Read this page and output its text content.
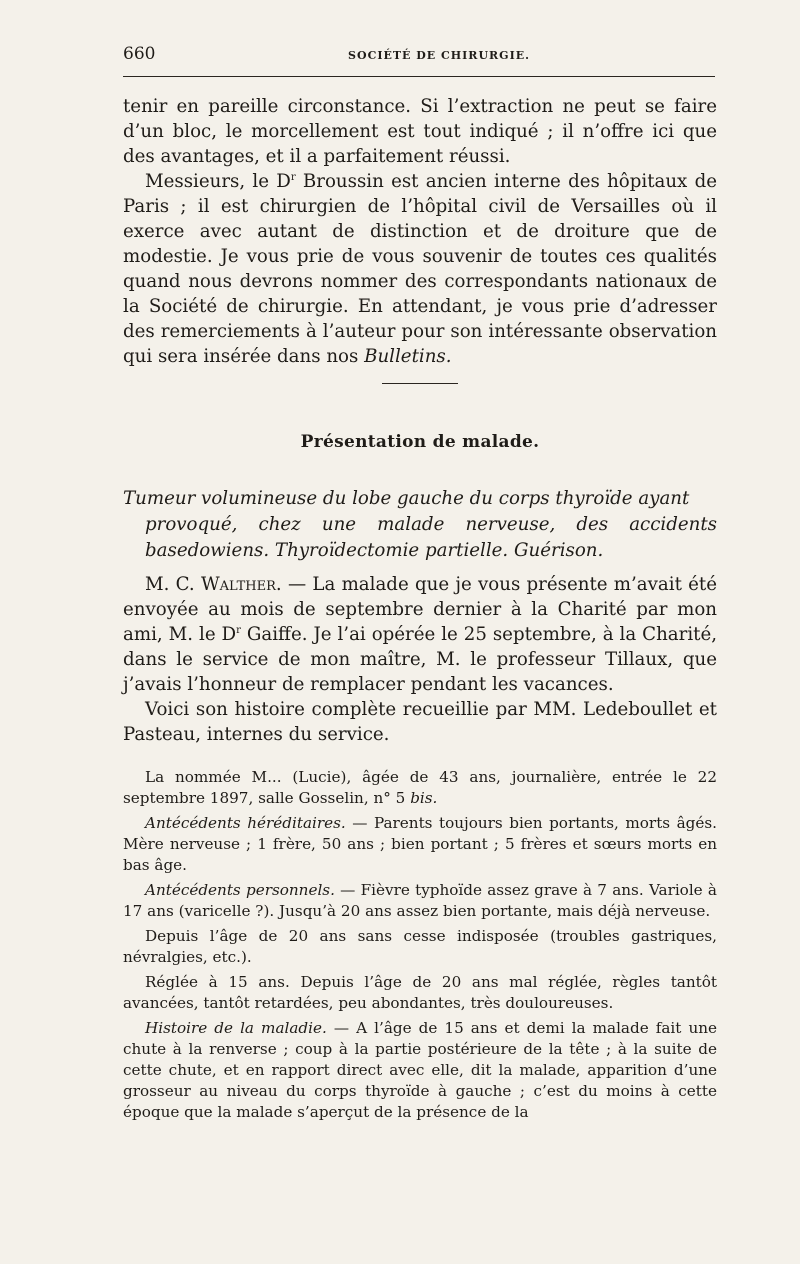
660	SOCIÉTÉ DE CHIRURGIE.

tenir en pareille circonstance. Si l’extraction ne peut se faire d’un bloc, le morcellement est tout indiqué ; il n’offre ici que des avantages, et il a parfaitement réussi.

Messieurs, le $D^r$ Broussin est ancien interne des hôpitaux de Paris ; il est chirurgien de l’hôpital civil de Versailles où il exerce avec autant de distinction et de droiture que de modestie. Je vous prie de vous souvenir de toutes ces qualités quand nous devrons nommer des correspondants nationaux de la Société de chirurgie. En attendant, je vous prie d’adresser des remerciements à l’auteur pour son intéressante observation qui sera insérée dans nos Bulletins.

Présentation de malade.
Tumeur volumineuse du lobe gauche du corps thyroïde ayant
provoqué, chez une malade nerveuse, des accidents basedowiens. Thyroïdectomie partielle. Guérison.

M. C. Walther. — La malade que je vous présente m’avait été envoyée au mois de septembre dernier à la Charité par mon ami, M. le $D^r$ Gaiffe. Je l’ai opérée le 25 septembre, à la Charité, dans le service de mon maître, M. le professeur Tillaux, que j’avais l’honneur de remplacer pendant les vacances.

Voici son histoire complète recueillie par MM. Ledeboullet et Pasteau, internes du service.

La nommée M... (Lucie), âgée de 43 ans, journalière, entrée le 22 septembre 1897, salle Gosselin, n° 5 bis.

Antécédents héréditaires. — Parents toujours bien portants, morts âgés. Mère nerveuse ; 1 frère, 50 ans ; bien portant ; 5 frères et sœurs morts en bas âge.

Antécédents personnels. — Fièvre typhoïde assez grave à 7 ans. Variole à 17 ans (varicelle ?). Jusqu’à 20 ans assez bien portante, mais déjà nerveuse.

Depuis l’âge de 20 ans sans cesse indisposée (troubles gastriques, névralgies, etc.).

Réglée à 15 ans. Depuis l’âge de 20 ans mal réglée, règles tantôt avancées, tantôt retardées, peu abondantes, très douloureuses.

Histoire de la maladie. — A l’âge de 15 ans et demi la malade fait une chute à la renverse ; coup à la partie postérieure de la tête ; à la suite de cette chute, et en rapport direct avec elle, dit la malade, apparition d’une grosseur au niveau du corps thyroïde à gauche ; c’est du moins à cette époque que la malade s’aperçut de la présence de la
